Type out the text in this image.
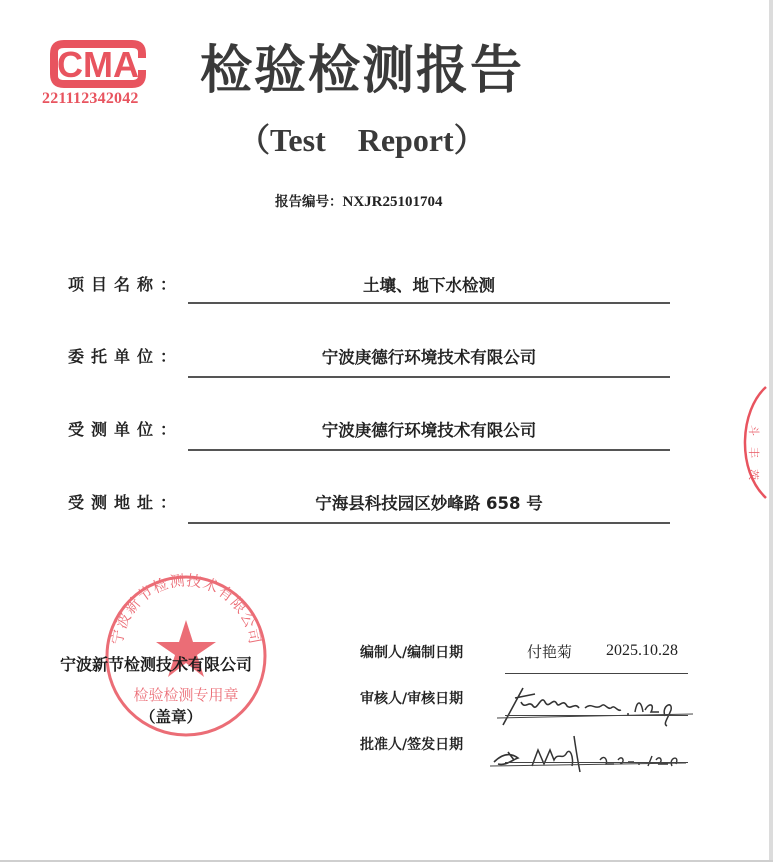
CMA
221112342042	检验检测报告
（Test　Report）
报告编号：NXJR25101704
项目名称：	土壤、地下水检测
委托单位：	宁波庚德行环境技术有限公司
受测单位：	宁波庚德行环境技术有限公司
受测地址：	宁海县科技园区妙峰路 658 号
宁波新节检测技术有限公司
检验检测专用章
宁波新节检测技术有限公司
（盖章）
编制人/编制日期	付艳菊 2025.10.28
审核人/审核日期
批准人/签发日期
斗
丰
茨
